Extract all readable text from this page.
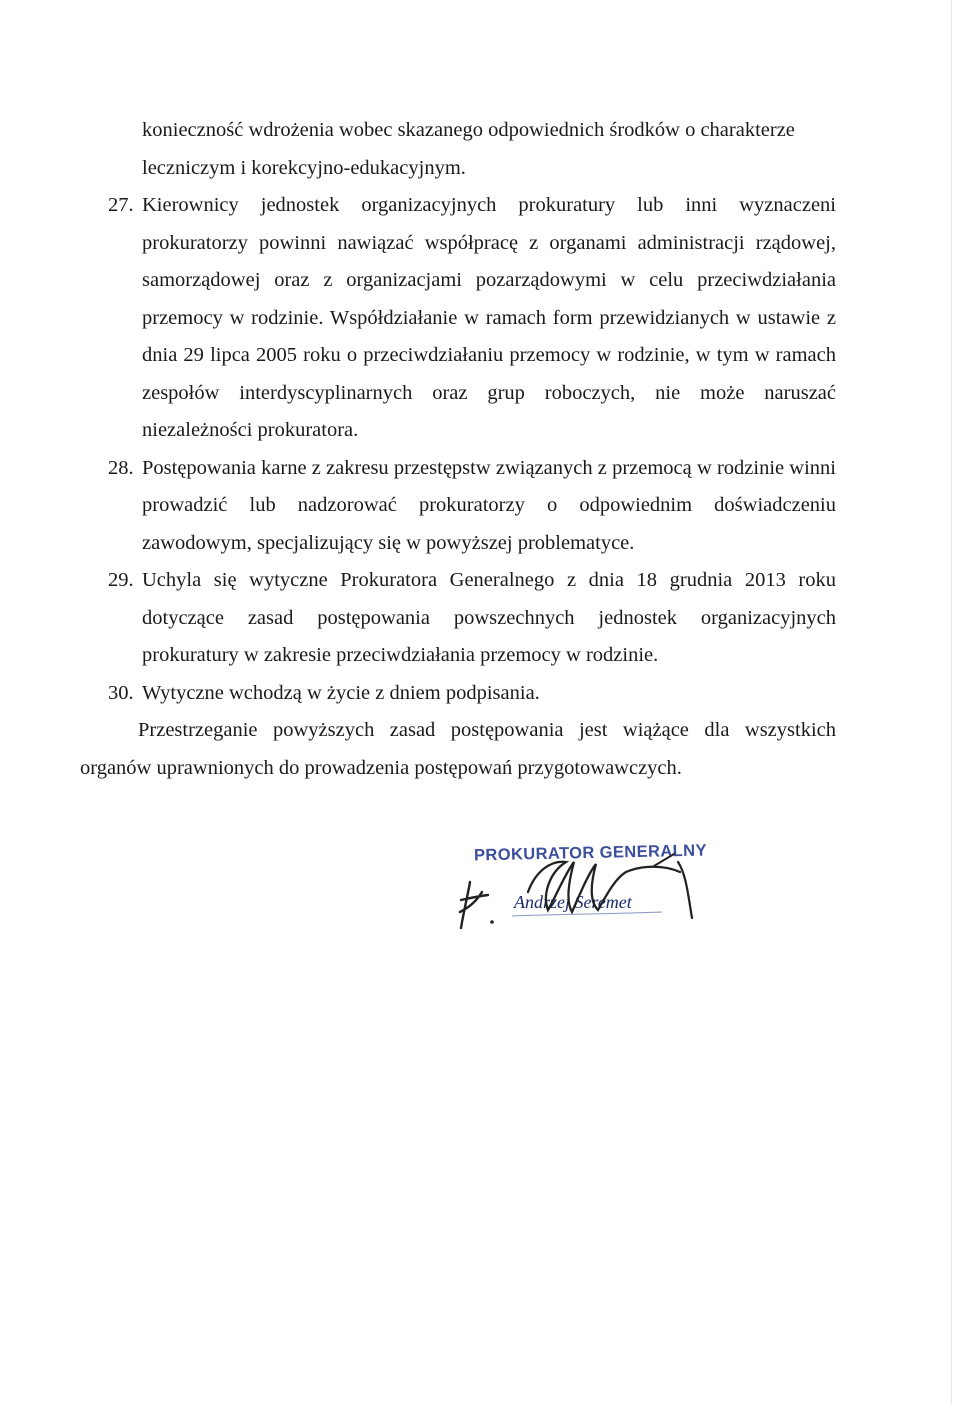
konieczność wdrożenia wobec skazanego odpowiednich środków o charakterze

leczniczym i korekcyjno-edukacyjnym.

27. Kierownicy jednostek organizacyjnych prokuratury lub inni wyznaczeni prokuratorzy powinni nawiązać współpracę z organami administracji rządowej, samorządowej oraz z organizacjami pozarządowymi w celu przeciwdziałania przemocy w rodzinie. Współdziałanie w ramach form przewidzianych w ustawie z dnia 29 lipca 2005 roku o przeciwdziałaniu przemocy w rodzinie, w tym w ramach zespołów interdyscyplinarnych oraz grup roboczych, nie może naruszać niezależności prokuratora.

28. Postępowania karne z zakresu przestępstw związanych z przemocą w rodzinie winni prowadzić lub nadzorować prokuratorzy o odpowiednim doświadczeniu zawodowym, specjalizujący się w powyższej problematyce.

29. Uchyla się wytyczne Prokuratora Generalnego z dnia 18 grudnia 2013 roku dotyczące zasad postępowania powszechnych jednostek organizacyjnych prokuratury w zakresie przeciwdziałania przemocy w rodzinie.

30. Wytyczne wchodzą w życie z dniem podpisania.

Przestrzeganie powyższych zasad postępowania jest wiążące dla wszystkich organów uprawnionych do prowadzenia postępowań przygotowawczych.

PROKURATOR GENERALNY
Andrzej Seremet
